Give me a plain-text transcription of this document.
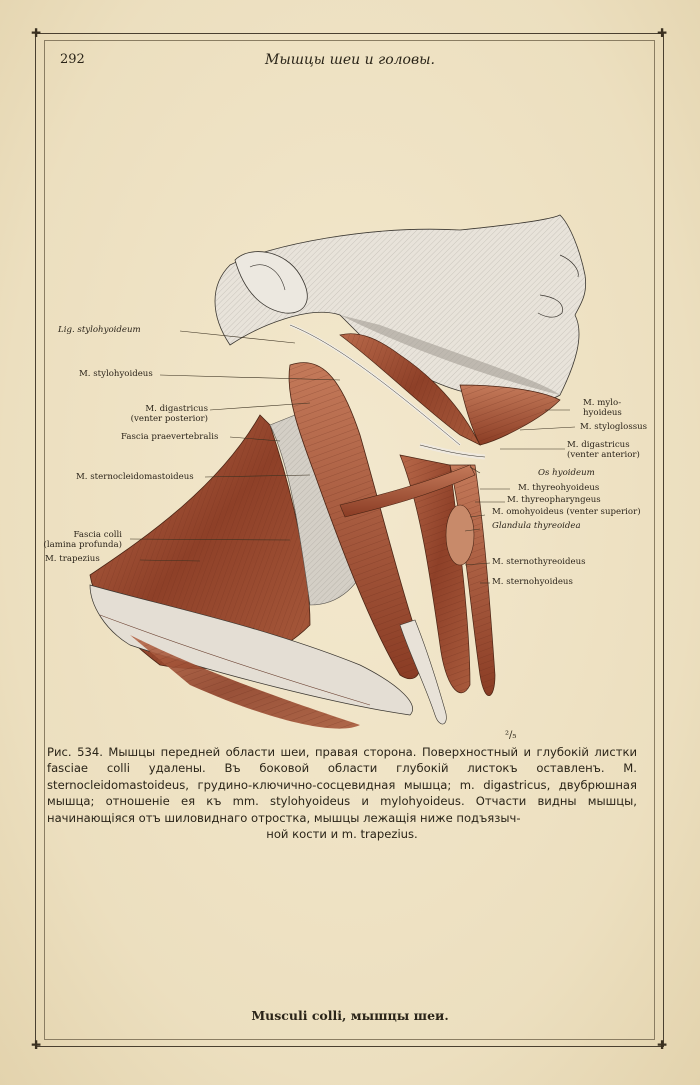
✚	✚
✚	✚
292	Мышцы шеи и головы.
Lig. stylohyoideum
M. stylohyoideus
M. digastricus
(venter posterior)
Fascia praevertebralis
M. sternocleidomastoideus
Fascia colli
(lamina profunda)
M. trapezius
M. mylo-
hyoideus
M. styloglossus
M. digastricus
(venter anterior)
Os hyoideum
M. thyreohyoideus
M. thyreopharyngeus
M. omohyoideus (venter superior)
Glandula thyreoidea
M. sternothyreoideus
M. sternohyoideus
²/₅
Рис. 534. Мышцы передней области шеи, правая сторона. Поверхностный и глубокій листки fasciae colli удалены. Въ боковой области глубокій листокъ оставленъ. M. sternocleidomastoideus, грудино-ключично-сосцевидная мышца; m. digastricus, двубрюшная мышца; отношеніе ея къ mm. stylohyoideus и mylohyoideus. Отчасти видны мышцы, начинающіяся отъ шиловиднаго отростка, мышцы лежащія ниже подъязыч-
ной кости и m. trapezius.
Musculi colli, мышцы шеи.
